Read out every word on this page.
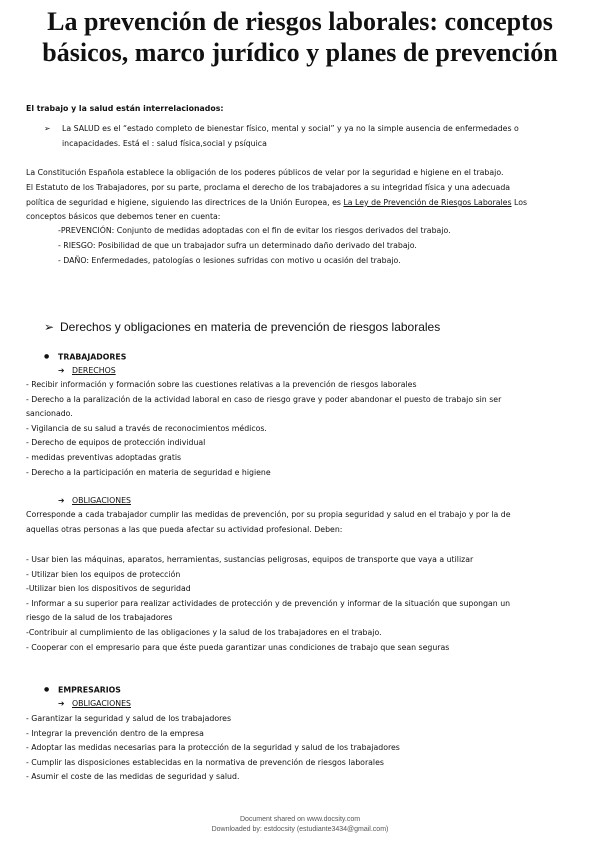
La prevención de riesgos laborales: conceptos
básicos, marco jurídico y planes de prevención

El trabajo y la salud están interrelacionados:

➢ La SALUD es el “estado completo de bienestar físico, mental y social” y ya no la simple ausencia de enfermedades o

incapacidades. Está el : salud física,social y psíquica

La Constitución Española establece la obligación de los poderes públicos de velar por la seguridad e higiene en el trabajo.

El Estatuto de los Trabajadores, por su parte, proclama el derecho de los trabajadores a su integridad física y una adecuada

política de seguridad e higiene, siguiendo las directrices de la Unión Europea, es La Ley de Prevención de Riesgos Laborales Los

conceptos básicos que debemos tener en cuenta:

-PREVENCIÓN: Conjunto de medidas adoptadas con el fin de evitar los riesgos derivados del trabajo.

- RIESGO: Posibilidad de que un trabajador sufra un determinado daño derivado del trabajo.

- DAÑO: Enfermedades, patologías o lesiones sufridas con motivo u ocasión del trabajo.

➢ Derechos y obligaciones en materia de prevención de riesgos laborales

● TRABAJADORES

➔ DERECHOS

- Recibir información y formación sobre las cuestiones relativas a la prevención de riesgos laborales

- Derecho a la paralización de la actividad laboral en caso de riesgo grave y poder abandonar el puesto de trabajo sin ser

sancionado.

- Vigilancia de su salud a través de reconocimientos médicos.

- Derecho de equipos de protección individual

- medidas preventivas adoptadas gratis

- Derecho a la participación en materia de seguridad e higiene

➔ OBLIGACIONES

Corresponde a cada trabajador cumplir las medidas de prevención, por su propia seguridad y salud en el trabajo y por la de

aquellas otras personas a las que pueda afectar su actividad profesional. Deben:

- Usar bien las máquinas, aparatos, herramientas, sustancias peligrosas, equipos de transporte que vaya a utilizar

- Utilizar bien los equipos de protección

-Utilizar bien los dispositivos de seguridad

- Informar a su superior para realizar actividades de protección y de prevención y informar de la situación que supongan un

riesgo de la salud de los trabajadores

-Contribuir al cumplimiento de las obligaciones y la salud de los trabajadores en el trabajo.

- Cooperar con el empresario para que éste pueda garantizar unas condiciones de trabajo que sean seguras

● EMPRESARIOS

➔ OBLIGACIONES

- Garantizar la seguridad y salud de los trabajadores

- Integrar la prevención dentro de la empresa

- Adoptar las medidas necesarias para la protección de la seguridad y salud de los trabajadores

- Cumplir las disposiciones establecidas en la normativa de prevención de riesgos laborales

- Asumir el coste de las medidas de seguridad y salud.

Document shared on www.docsity.com
Downloaded by: estdocsity (estudiante3434@gmail.com)
